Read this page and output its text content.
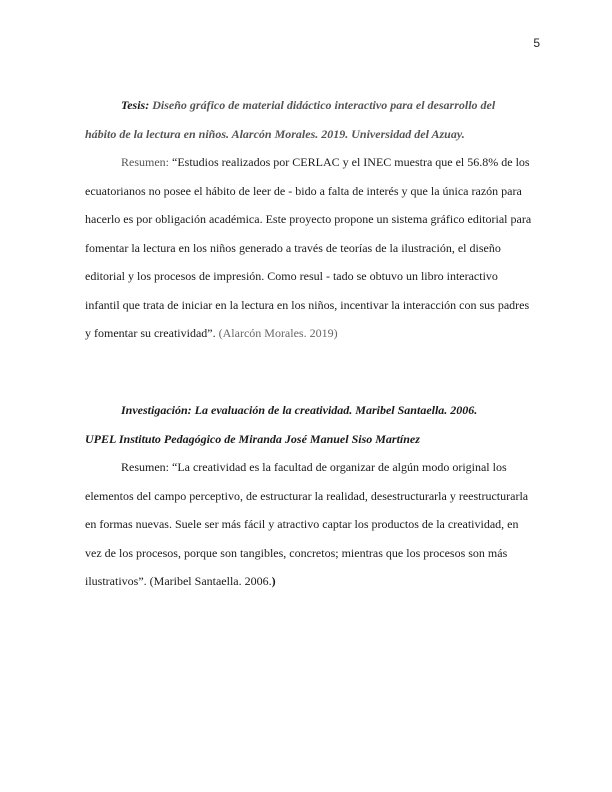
5

Tesis: Diseño gráfico de material didáctico interactivo para el desarrollo del
hábito de la lectura en niños. Alarcón Morales. 2019. Universidad del Azuay.

Resumen: “Estudios realizados por CERLAC y el INEC muestra que el 56.8% de los ecuatorianos no posee el hábito de leer de - bido a falta de interés y que la única razón para hacerlo es por obligación académica. Este proyecto propone un sistema gráfico editorial para fomentar la lectura en los niños generado a través de teorías de la ilustración, el diseño editorial y los procesos de impresión. Como resul - tado se obtuvo un libro interactivo infantil que trata de iniciar en la lectura en los niños, incentivar la interacción con sus padres y fomentar su creatividad”. (Alarcón Morales. 2019)

Investigación: La evaluación de la creatividad. Maribel Santaella. 2006.
UPEL Instituto Pedagógico de Miranda José Manuel Siso Martínez

Resumen: “La creatividad es la facultad de organizar de algún modo original los elementos del campo perceptivo, de estructurar la realidad, desestructurarla y reestructurarla en formas nuevas. Suele ser más fácil y atractivo captar los productos de la creatividad, en vez de los procesos, porque son tangibles, concretos; mientras que los procesos son más ilustrativos”. (Maribel Santaella. 2006.)
